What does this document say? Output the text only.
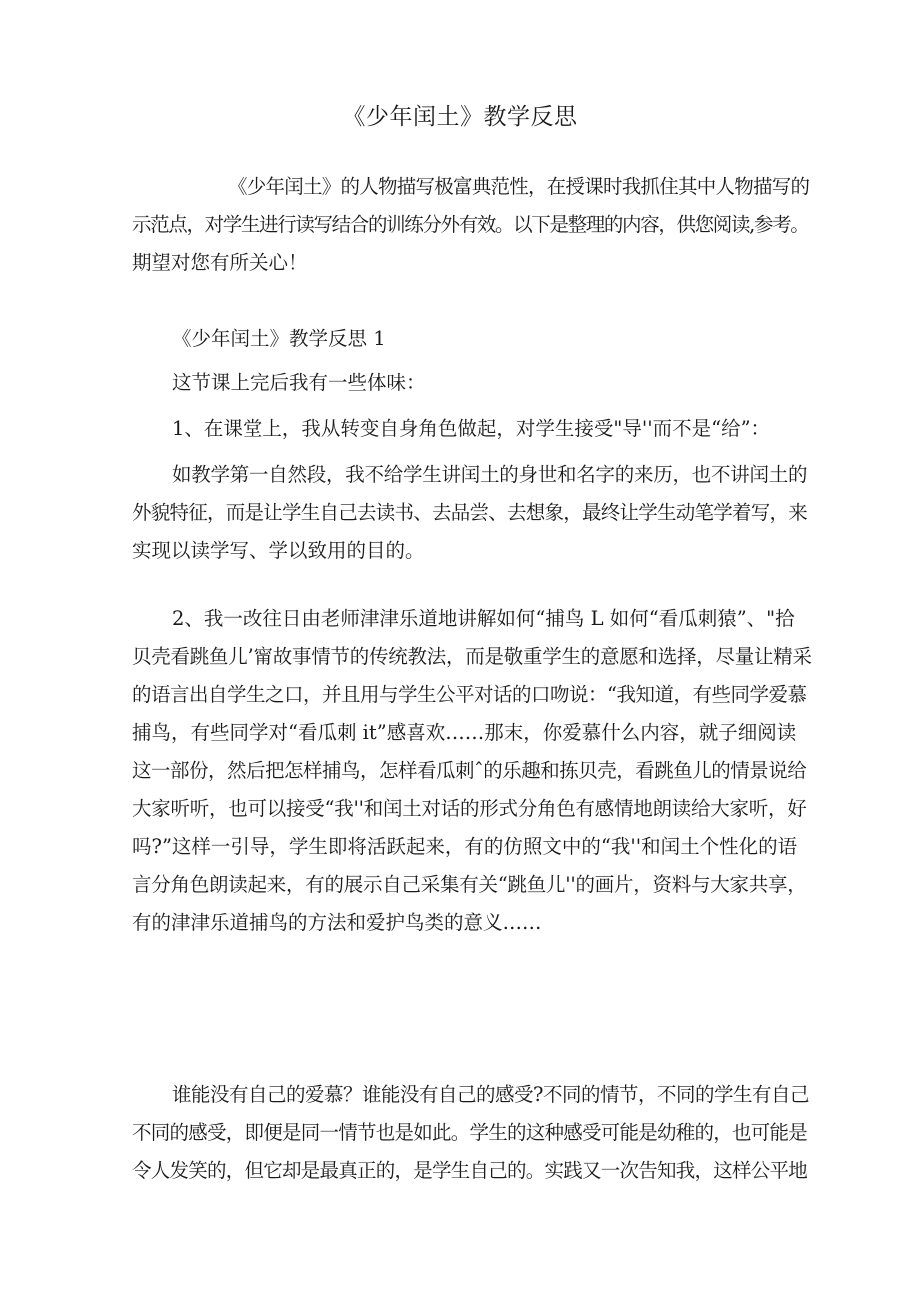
《少年闰土》教学反思
《少年闰土》的人物描写极富典范性，在授课时我抓住其中人物描写的
示范点，对学生进行读写结合的训练分外有效。以下是整理的内容，供您阅读,参考。
期望对您有所关心！
《少年闰土》教学反思 1
这节课上完后我有一些体味：
1、在课堂上，我从转变自身角色做起，对学生接受"导''而不是“给”：
如教学第一自然段，我不给学生讲闰土的身世和名字的来历，也不讲闰土的
外貌特征，而是让学生自己去读书、去品尝、去想象，最终让学生动笔学着写，来
实现以读学写、学以致用的目的。
2、我一改往日由老师津津乐道地讲解如何“捕鸟 L 如何“看瓜刺猿”、"拾
贝壳看跳鱼儿’甯故事情节的传统教法，而是敬重学生的意愿和选择，尽量让精采
的语言出自学生之口，并且用与学生公平对话的口吻说：“我知道，有些同学爱慕
捕鸟，有些同学对“看瓜刺 it”感喜欢……那末，你爱慕什么内容，就子细阅读
这一部份，然后把怎样捕鸟，怎样看瓜刺ˆ的乐趣和拣贝壳，看跳鱼儿的情景说给
大家听听，也可以接受“我''和闰土对话的形式分角色有感情地朗读给大家听，好
吗?”这样一引导，学生即将活跃起来，有的仿照文中的“我''和闰土个性化的语
言分角色朗读起来，有的展示自己采集有关“跳鱼儿''的画片，资料与大家共享，
有的津津乐道捕鸟的方法和爱护鸟类的意义……
谁能没有自己的爱慕？谁能没有自己的感受?不同的情节，不同的学生有自己
不同的感受，即便是同一情节也是如此。学生的这种感受可能是幼稚的，也可能是
令人发笑的，但它却是最真正的，是学生自己的。实践又一次告知我，这样公平地
